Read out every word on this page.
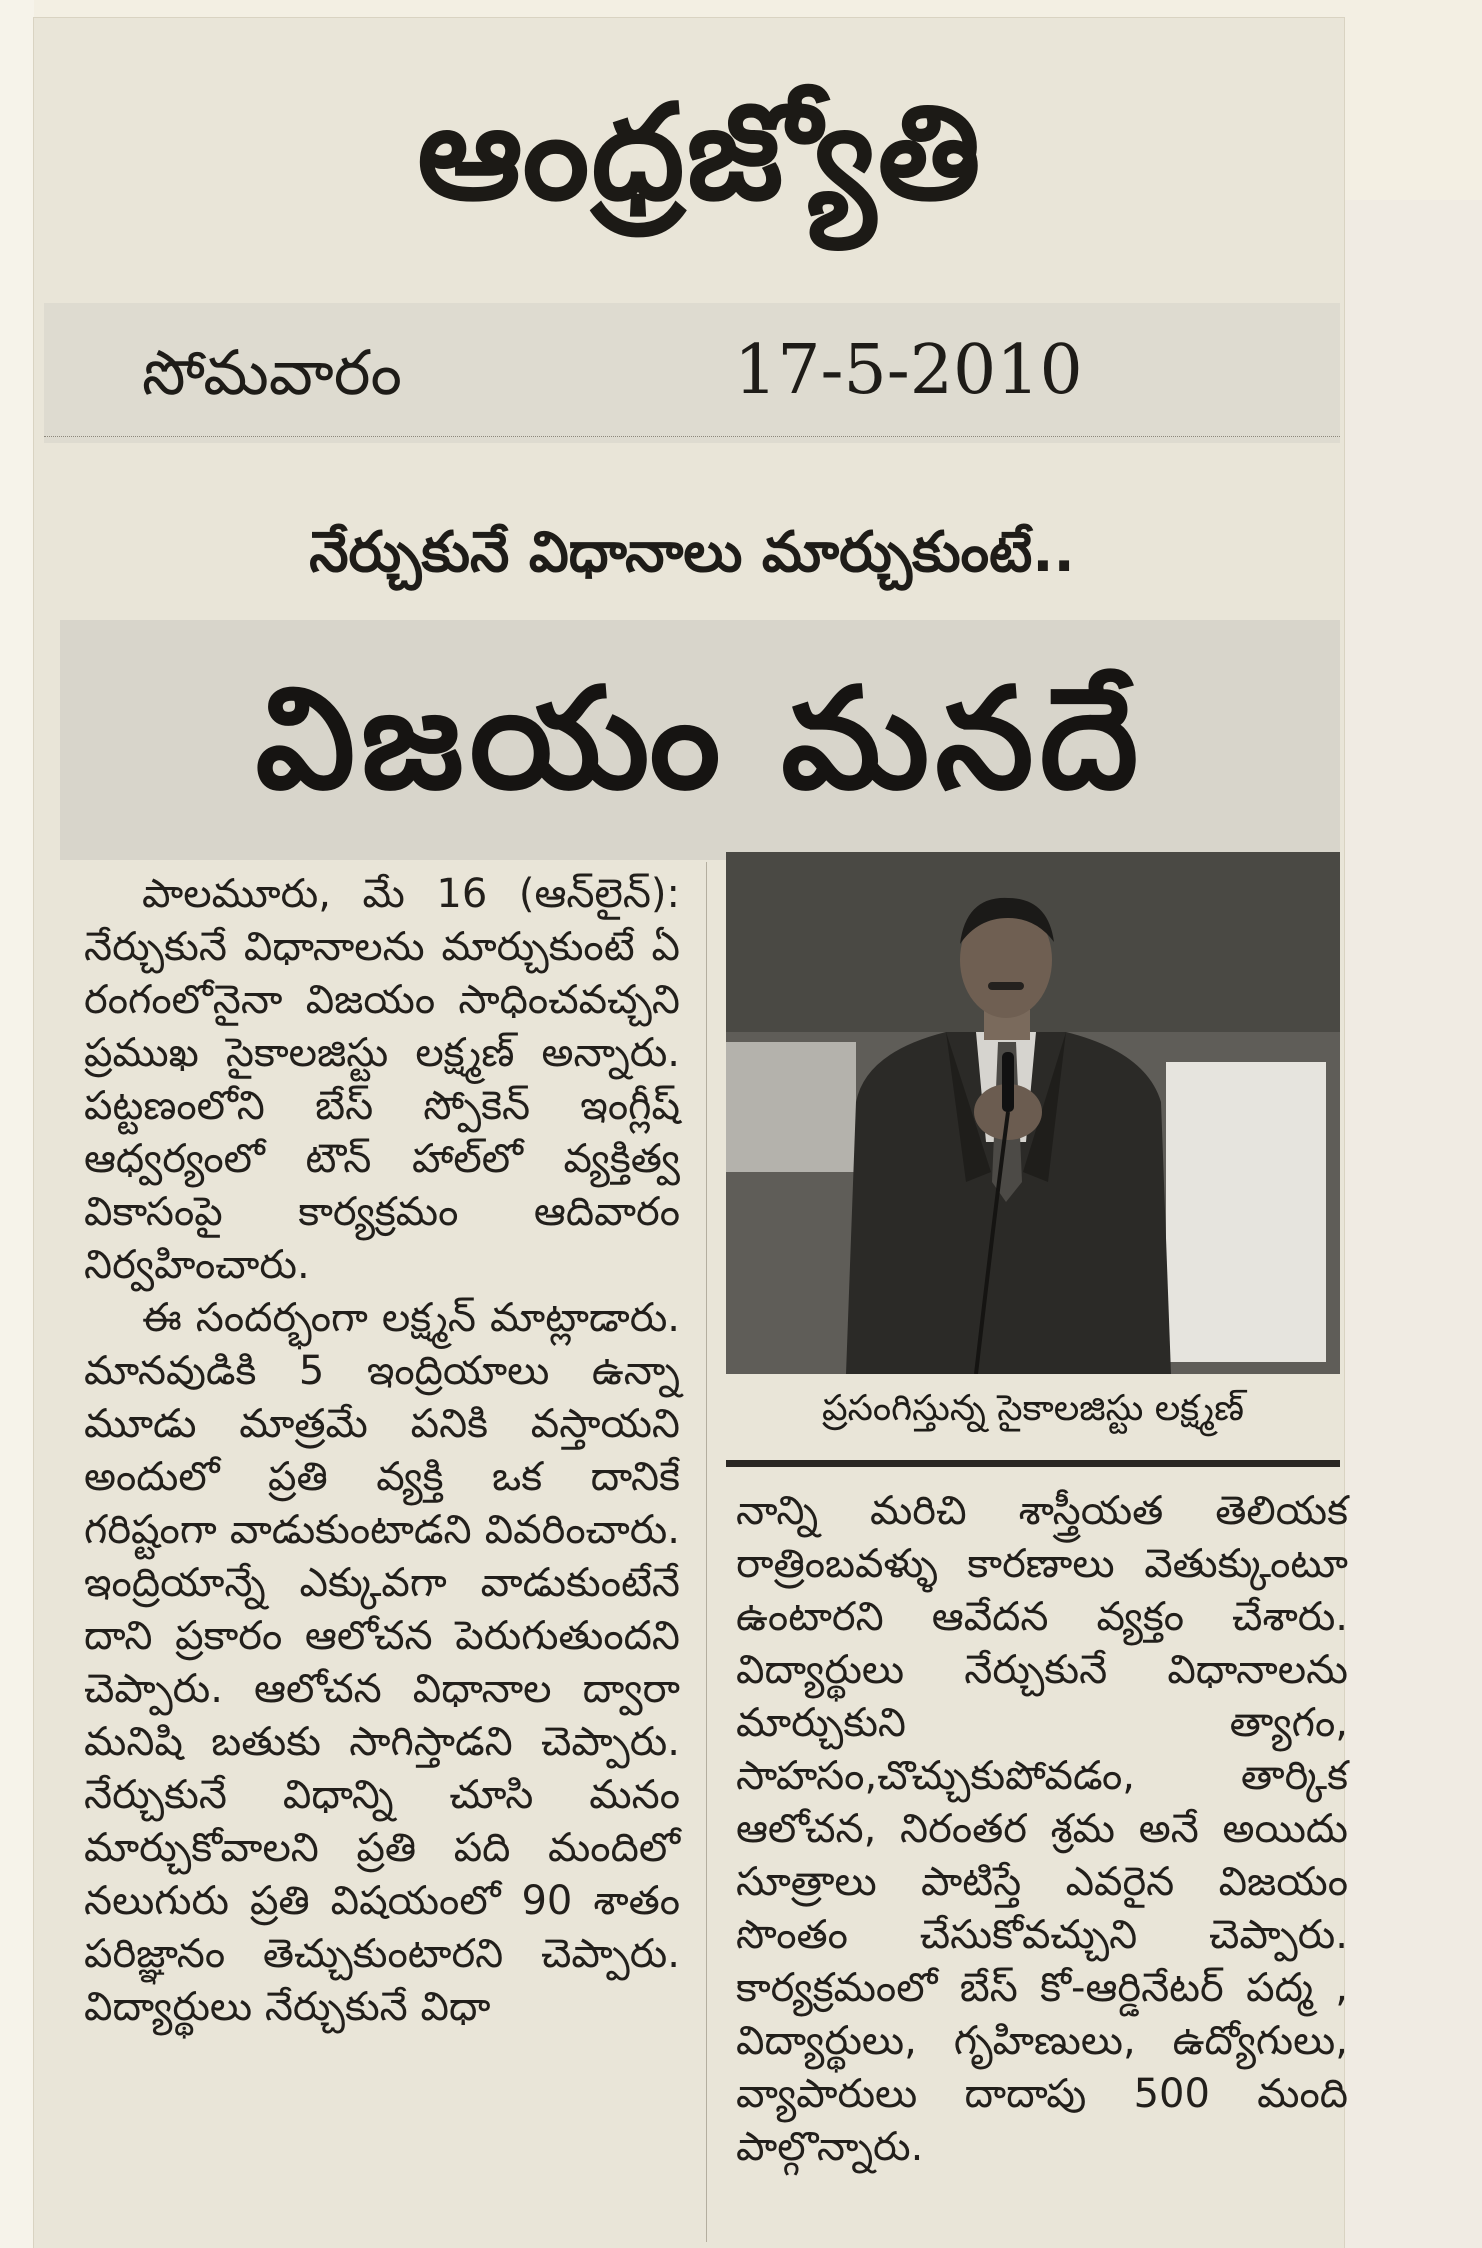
ఆంధ్రజ్యోతి
సోమవారం	17-5-2010
నేర్చుకునే విధానాలు మార్చుకుంటే..
విజయం మనదే

పాలమూరు, మే 16 (ఆన్‌లైన్): నేర్చుకునే విధానాలను మార్చుకుంటే ఏ రంగంలోనైనా విజయం సాధించవచ్చని ప్రముఖ సైకాలజిస్టు లక్ష్మణ్ అన్నారు. పట్టణంలోని బేస్ స్పోకెన్ ఇంగ్లీష్ ఆధ్వర్యంలో టౌన్ హాల్‌లో వ్యక్తిత్వ వికాసంపై కార్యక్రమం ఆదివారం నిర్వహించారు.

ఈ సందర్భంగా లక్ష్మన్ మాట్లాడారు. మానవుడికి 5 ఇంద్రియాలు ఉన్నా మూడు మాత్రమే పనికి వస్తాయని అందులో ప్రతి వ్యక్తి ఒక దానికే గరిష్టంగా వాడుకుంటాడని వివరించారు. ఇంద్రియాన్నే ఎక్కువగా వాడుకుంటేనే దాని ప్రకారం ఆలోచన పెరుగుతుందని చెప్పారు. ఆలోచన విధానాల ద్వారా మనిషి బతుకు సాగిస్తాడని చెప్పారు. నేర్చుకునే విధాన్ని చూసి మనం మార్చుకోవాలని ప్రతి పది మందిలో నలుగురు ప్రతి విషయంలో 90 శాతం పరిజ్ఞానం తెచ్చుకుంటారని చెప్పారు. విద్యార్థులు నేర్చుకునే విధా

ప్రసంగిస్తున్న సైకాలజిస్టు లక్ష్మణ్

నాన్ని మరిచి శాస్త్రీయత తెలియక రాత్రింబవళ్ళు కారణాలు వెతుక్కుంటూ ఉంటారని ఆవేదన వ్యక్తం చేశారు. విద్యార్థులు నేర్చుకునే విధానాలను మార్చుకుని త్యాగం, సాహసం,చొచ్చుకుపోవడం, తార్కిక ఆలోచన, నిరంతర శ్రమ అనే అయిదు సూత్రాలు పాటిస్తే ఎవరైన విజయం సొంతం చేసుకోవచ్చుని చెప్పారు. కార్యక్రమంలో బేస్ కో-ఆర్డినేటర్ పద్మ , విద్యార్థులు, గృహిణులు, ఉద్యోగులు, వ్యాపారులు దాదాపు 500 మంది పాల్గొన్నారు.
